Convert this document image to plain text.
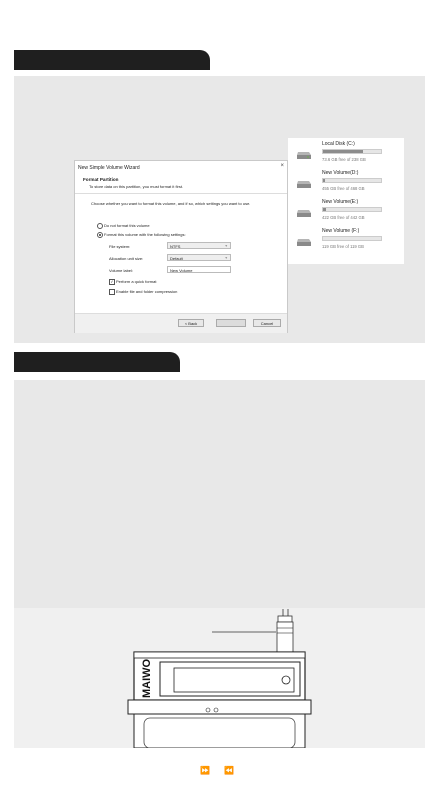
New Simple Volume Wizard	×
Format Partition
To store data on this partition, you must format it first.
Choose whether you want to format this volume, and if so, which settings you want to use.
Do not format this volume
Format this volume with the following settings:
File system:	NTFS	▼
Allocation unit size:	Default	▼
Volume label:	New Volume
✓ Perform a quick format
Enable file and folder compression
< Back	Cancel
Local Disk (C:)
73.6 GB free of 238 GB
New Volume(D:)
455 GB free of 468 GB
New Volume(E:)
422 GB free of 442 GB
New Volume (F:)
119 GB free of 119 GB
MAIWO
⏩⏪
